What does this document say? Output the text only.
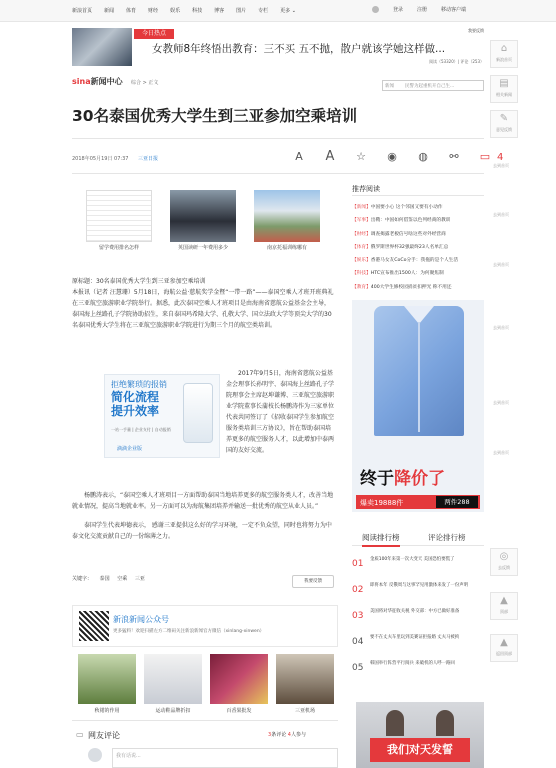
新浪首页 新闻 体育 财经 娱乐 科技 博客 图片 专栏 更多 ⌄	登录	注册	移动客户端
今日热点
女教师8年终悟出教育：三不买 五不抛，散户就该学她这样做...
我要反馈
阅读（53320）| 评论（253）
sina新闻中心 综合 > 正文
新闻 民警为起重机开自己生...
30名泰国优秀大学生到三亚参加空乘培训
2018年05月19日 07:37 三亚日报	A A ☆ ◉ ◍ ⚯ ▭ 4
留学费用排名怎样	英国读研一年费用多少	南京托福训练哪有

原标题：30名泰国优秀大学生到三亚参加空乘培训

本报讯（记者 汪慧珊）5月18日，海航公益·慈航奖学金暨“一带一路”——泰国空乘人才班开班典礼在三亚航空旅游职业学院举行。据悉，此次泰国空乘人才班项目是由海南省慈航公益基金会主导，泰国海上丝路孔子学院协助招生，来自泰国玛希隆大学、孔敬大学、国立法政大学等顶尖大学的30名泰国优秀大学生将在三亚航空旅游职业学院进行为期三个月的航空类培训。

拒绝繁琐的报销
简化流程
提升效率
一站一手量 | 企业支付 | 自动报销
滴滴企业版

2017年9月5日，海南省慈航公益基金会理事长孙明宇、泰国海上丝路孔子学院理事会主席赵坤谦博、三亚航空旅游职业学院董事长蒲枝长杨鹏涛作为三家单位代表共同签订了《招收泰国学生参加航空服务类培训三方协议》，旨在帮助泰国培养更多的航空服务人才，以此增加中泰两国的友好交流。

杨鹏涛表示，“泰国空乘人才班项目一方面帮助泰国当地培养更多的航空服务类人才，改善当地就业情况，提高当地就业率。另一方面可以为海航集团培养并输送一批优秀的航空从业人员。”

泰国学生代表坤德表示， 感谢三亚提供这么好的学习环境，一定不负众望，同时也将努力为中泰文化交流贡献自己的一份绵薄之力。

关键字： 泰国 空乘 三亚	我要反馈
新浪新闻公众号
更多猛料！欢迎扫描左方二维码关注新浪新闻官方微信（xinlang-xinwen）
秋裙的作用	运动鞋品牌折扣	百香果批发	三亚机场
▭ 网友评论	3条评论 4人参与
我有话说...
推荐阅读
【新闻】中国要小心 这个邻国又要有小动作
【军事】出鞘：中国如何借鉴以色列经商的教训
【财经】调查揭露老板信号啥这些对外经营商
【体育】俄罗斯世界杯32强最终23人名单汇总
【娱乐】香港马女友CoCo分手：我拖的是个人生活
【科技】HTC宣布推出1500人：为何聚焦制
【教育】400大学生修校园捐贫扣押光 称不用还
终于降价了
爆卖19888件	两件288
阅读排行榜	评论排行榜
01 金质100年来第一次大变天 美国恐怕要慌了
02 即将本年 反俄周与这事罕见用激体来发了一份声明
03 美国将对华征收关税 外交部：中方已做好准备
04 要不在丈夫车里玩到美赛证拒报婚 丈夫马被拘
05 韩国举行阵营平行阅兵 来破机的人呼一路回
我们对天发誓
⌂
新浪首页
▤
相关新闻
✎
意见反馈
去到首页
去到首页
去到首页
去到首页
去到首页
去到首页
◎
去反馈
▲
顶部
▲
返回顶部
